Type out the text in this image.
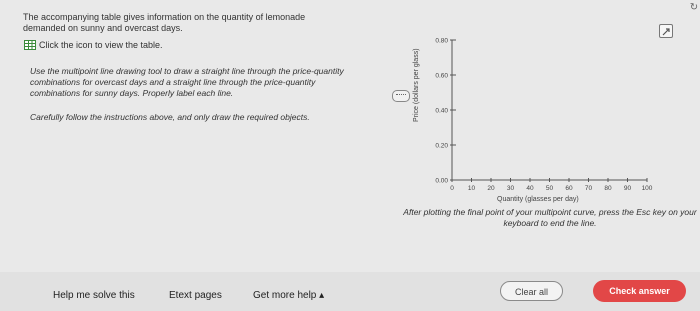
The accompanying table gives information on the quantity of lemonade demanded on sunny and overcast days.
Click the icon to view the table.
Use the multipoint line drawing tool to draw a straight line through the price-quantity combinations for overcast days and a straight line through the price-quantity combinations for sunny days. Properly label each line.
Carefully follow the instructions above, and only draw the required objects.	Price (dollars per glass)
0.80
0.60
0.40
0.20
0.00
0 10 20 30 40 50 60 70 80 90 100
Quantity (glasses per day)
After plotting the final point of your multipoint curve, press the Esc key on your keyboard to end the line.
↻
Help me solve this	Etext pages	Get more help ▴	Clear all	Check answer
